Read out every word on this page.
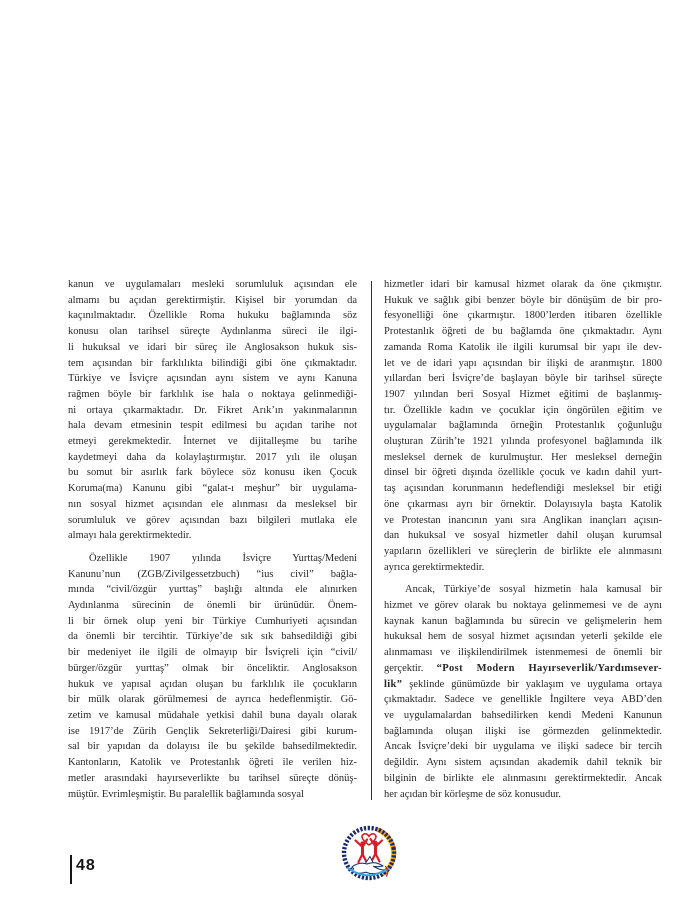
kanun ve uygulamaları mesleki sorumluluk açısından ele
almamı bu açıdan gerektirmiştir. Kişisel bir yorumdan da
kaçınılmaktadır. Özellikle Roma hukuku bağlamında söz
konusu olan tarihsel süreçte Aydınlanma süreci ile ilgi-
li hukuksal ve idari bir süreç ile Anglosakson hukuk sis-
tem açısından bir farklılıkta bilindiği gibi öne çıkmaktadır.
Türkiye ve İsviçre açısından aynı sistem ve aynı Kanuna
rağmen böyle bir farklılık ise hala o noktaya gelinmediği-
ni ortaya çıkarmaktadır. Dr. Fikret Arık’ın yakınmalarının
hala devam etmesinin tespit edilmesi bu açıdan tarihe not
etmeyi gerekmektedir. İnternet ve dijitalleşme bu tarihe
kaydetmeyi daha da kolaylaştırmıştır. 2017 yılı ile oluşan
bu somut bir asırlık fark böylece söz konusu iken Çocuk
Koruma(ma) Kanunu gibi “galat-ı meşhur” bir uygulama-
nın sosyal hizmet açısından ele alınması da mesleksel bir
sorumluluk ve görev açısından bazı bilgileri mutlaka ele
almayı hala gerektirmektedir.
Özellikle 1907 yılında İsviçre Yurttaş/Medeni
Kanunu’nun (ZGB/Zivilgessetzbuch) “ius civil” bağla-
mında “civil/özgür yurttaş” başlığı altında ele alınırken
Aydınlanma sürecinin de önemli bir ürünüdür. Önem-
li bir örnek olup yeni bir Türkiye Cumhuriyeti açısından
da önemli bir tercihtir. Türkiye’de sık sık bahsedildiği gibi
bir medeniyet ile ilgili de olmayıp bir İsviçreli için “civil/
bürger/özgür yurttaş” olmak bir önceliktir. Anglosakson
hukuk ve yapısal açıdan oluşan bu farklılık ile çocukların
bir mülk olarak görülmemesi de ayrıca hedeflenmiştir. Gö-
zetim ve kamusal müdahale yetkisi dahil buna dayalı olarak
ise 1917’de Zürih Gençlik Sekreterliği/Dairesi gibi kurum-
sal bir yapıdan da dolayısı ile bu şekilde bahsedilmektedir.
Kantonların, Katolik ve Protestanlık öğreti ile verilen hiz-
metler arasındaki hayırseverlikte bu tarihsel süreçte dönüş-
müştür. Evrimleşmiştir. Bu paralellik bağlamında sosyal
hizmetler idari bir kamusal hizmet olarak da öne çıkmıştır.
Hukuk ve sağlık gibi benzer böyle bir dönüşüm de bir pro-
fesyonelliği öne çıkarmıştır. 1800’lerden itibaren özellikle
Protestanlık öğreti de bu bağlamda öne çıkmaktadır. Aynı
zamanda Roma Katolik ile ilgili kurumsal bir yapı ile dev-
let ve de idari yapı açısından bir ilişki de aranmıştır. 1800
yıllardan beri İsviçre’de başlayan böyle bir tarihsel süreçte
1907 yılından beri Sosyal Hizmet eğitimi de başlanmış-
tır. Özellikle kadın ve çocuklar için öngörülen eğitim ve
uygulamalar bağlamında örneğin Protestanlık çoğunluğu
oluşturan Zürih’te 1921 yılında profesyonel bağlamında ilk
mesleksel dernek de kurulmuştur. Her mesleksel derneğin
dinsel bir öğreti dışında özellikle çocuk ve kadın dahil yurt-
taş açısından korunmanın hedeflendiği mesleksel bir etiği
öne çıkarması ayrı bir örnektir. Dolayısıyla başta Katolik
ve Protestan inancının yanı sıra Anglikan inançları açısın-
dan hukuksal ve sosyal hizmetler dahil oluşan kurumsal
yapıların özellikleri ve süreçlerin de birlikte ele alınmasını
ayrıca gerektirmektedir.
Ancak, Türkiye’de sosyal hizmetin hala kamusal bir
hizmet ve görev olarak bu noktaya gelinmemesi ve de aynı
kaynak kanun bağlamında bu sürecin ve gelişmelerin hem
hukuksal hem de sosyal hizmet açısından yeterli şekilde ele
alınmaması ve ilişkilendirilmek istenmemesi de önemli bir
gerçektir. “Post Modern Hayırseverlik/Yardımsever-
lik” şeklinde günümüzde bir yaklaşım ve uygulama ortaya
çıkmaktadır. Sadece ve genellikle İngiltere veya ABD’den
ve uygulamalardan bahsedilirken kendi Medeni Kanunun
bağlamında oluşan ilişki ise görmezden gelinmektedir.
Ancak İsviçre’deki bir uygulama ve ilişki sadece bir tercih
değildir. Aynı sistem açısından akademik dahil teknik bir
bilginin de birlikte ele alınmasını gerektirmektedir. Ancak
her açıdan bir körleşme de söz konusudur.
48
